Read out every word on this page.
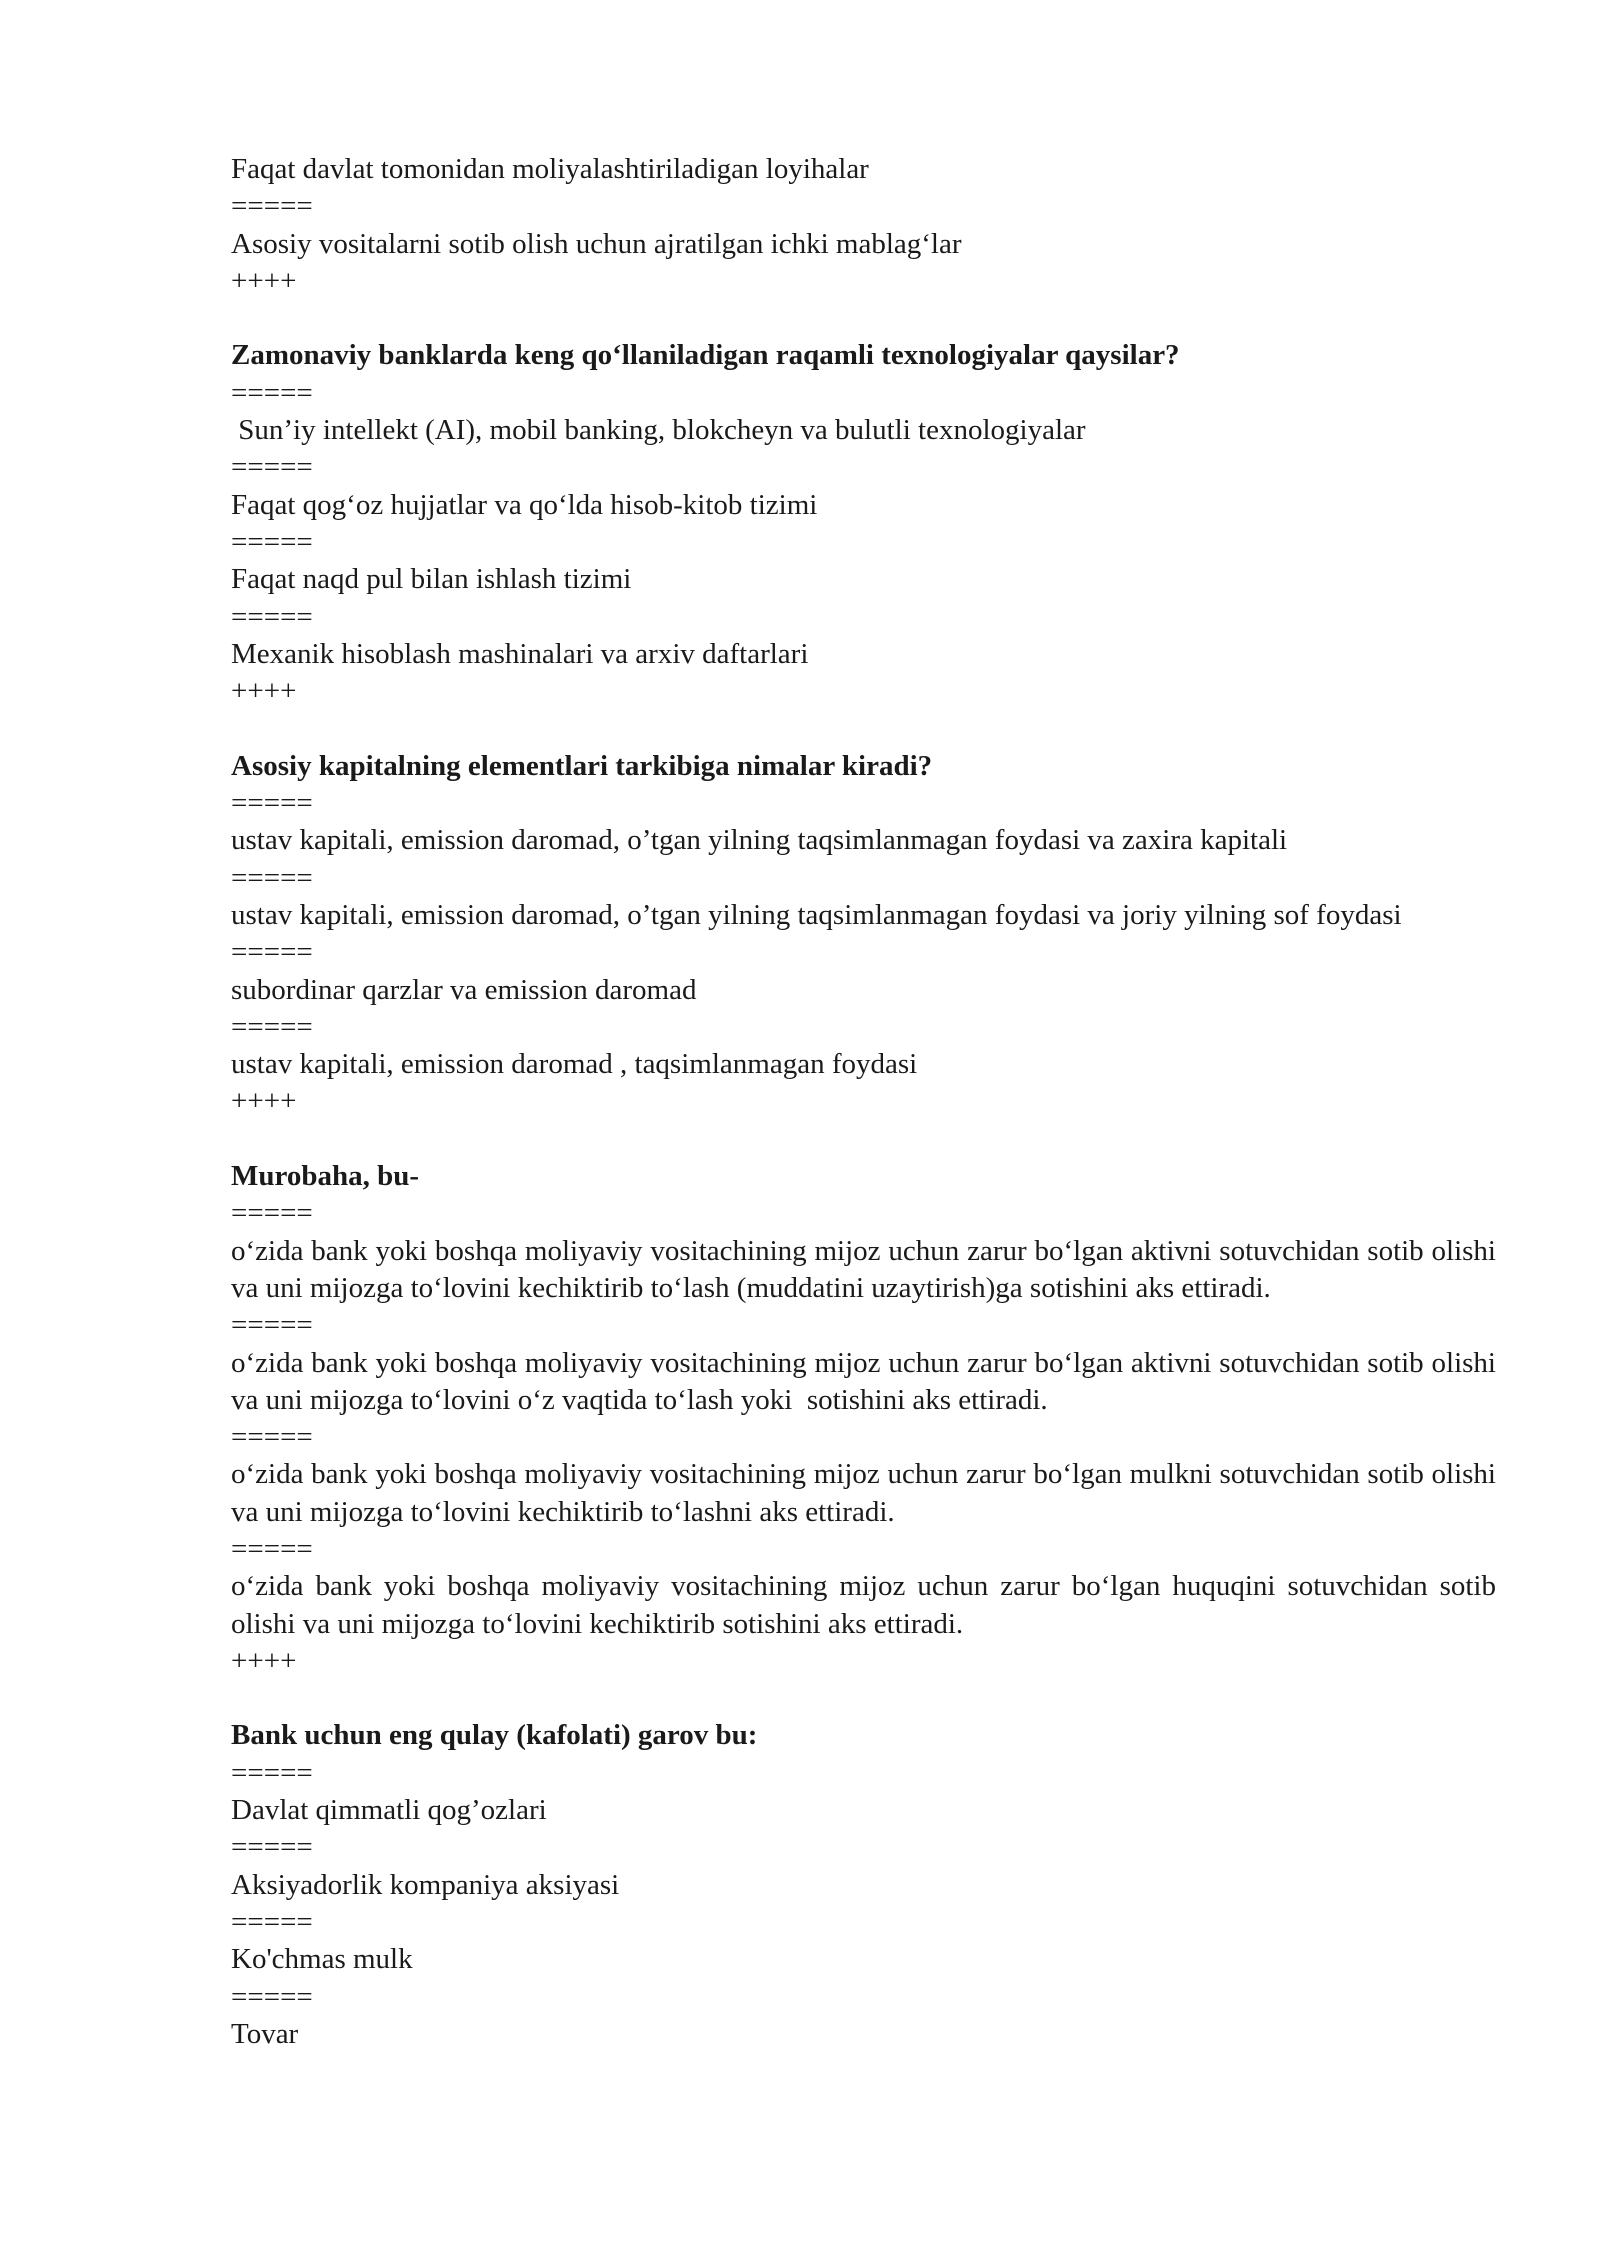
Faqat davlat tomonidan moliyalashtiriladigan loyihalar

=====

Asosiy vositalarni sotib olish uchun ajratilgan ichki mablag‘lar

++++

Zamonaviy banklarda keng qo‘llaniladigan raqamli texnologiyalar qaysilar?

=====

Sun’iy intellekt (AI), mobil banking, blokcheyn va bulutli texnologiyalar

=====

Faqat qog‘oz hujjatlar va qo‘lda hisob-kitob tizimi

=====

Faqat naqd pul bilan ishlash tizimi

=====

Mexanik hisoblash mashinalari va arxiv daftarlari

++++

Asosiy kapitalning elementlari tarkibiga nimalar kiradi?

=====

ustav kapitali, emission daromad, o’tgan yilning taqsimlanmagan foydasi va zaxira kapitali

=====

ustav kapitali, emission daromad, o’tgan yilning taqsimlanmagan foydasi va joriy yilning sof foydasi

=====

subordinar qarzlar va emission daromad

=====

ustav kapitali, emission daromad , taqsimlanmagan foydasi

++++

Murobaha, bu-

=====

o‘zida bank yoki boshqa moliyaviy vositachining mijoz uchun zarur bo‘lgan aktivni sotuvchidan sotib olishi va uni mijozga to‘lovini kechiktirib to‘lash (muddatini uzaytirish)ga sotishini aks ettiradi.

=====

o‘zida bank yoki boshqa moliyaviy vositachining mijoz uchun zarur bo‘lgan aktivni sotuvchidan sotib olishi va uni mijozga to‘lovini o‘z vaqtida to‘lash yoki  sotishini aks ettiradi.

=====

o‘zida bank yoki boshqa moliyaviy vositachining mijoz uchun zarur bo‘lgan mulkni sotuvchidan sotib olishi va uni mijozga to‘lovini kechiktirib to‘lashni aks ettiradi.

=====

o‘zida bank yoki boshqa moliyaviy vositachining mijoz uchun zarur bo‘lgan huquqini sotuvchidan sotib olishi va uni mijozga to‘lovini kechiktirib sotishini aks ettiradi.

++++

Bank uchun eng qulay (kafolati) garov bu:

=====

Davlat qimmatli qog’ozlari

=====

Aksiyadorlik kompaniya aksiyasi

=====

Ko'chmas mulk

=====

Tovar
